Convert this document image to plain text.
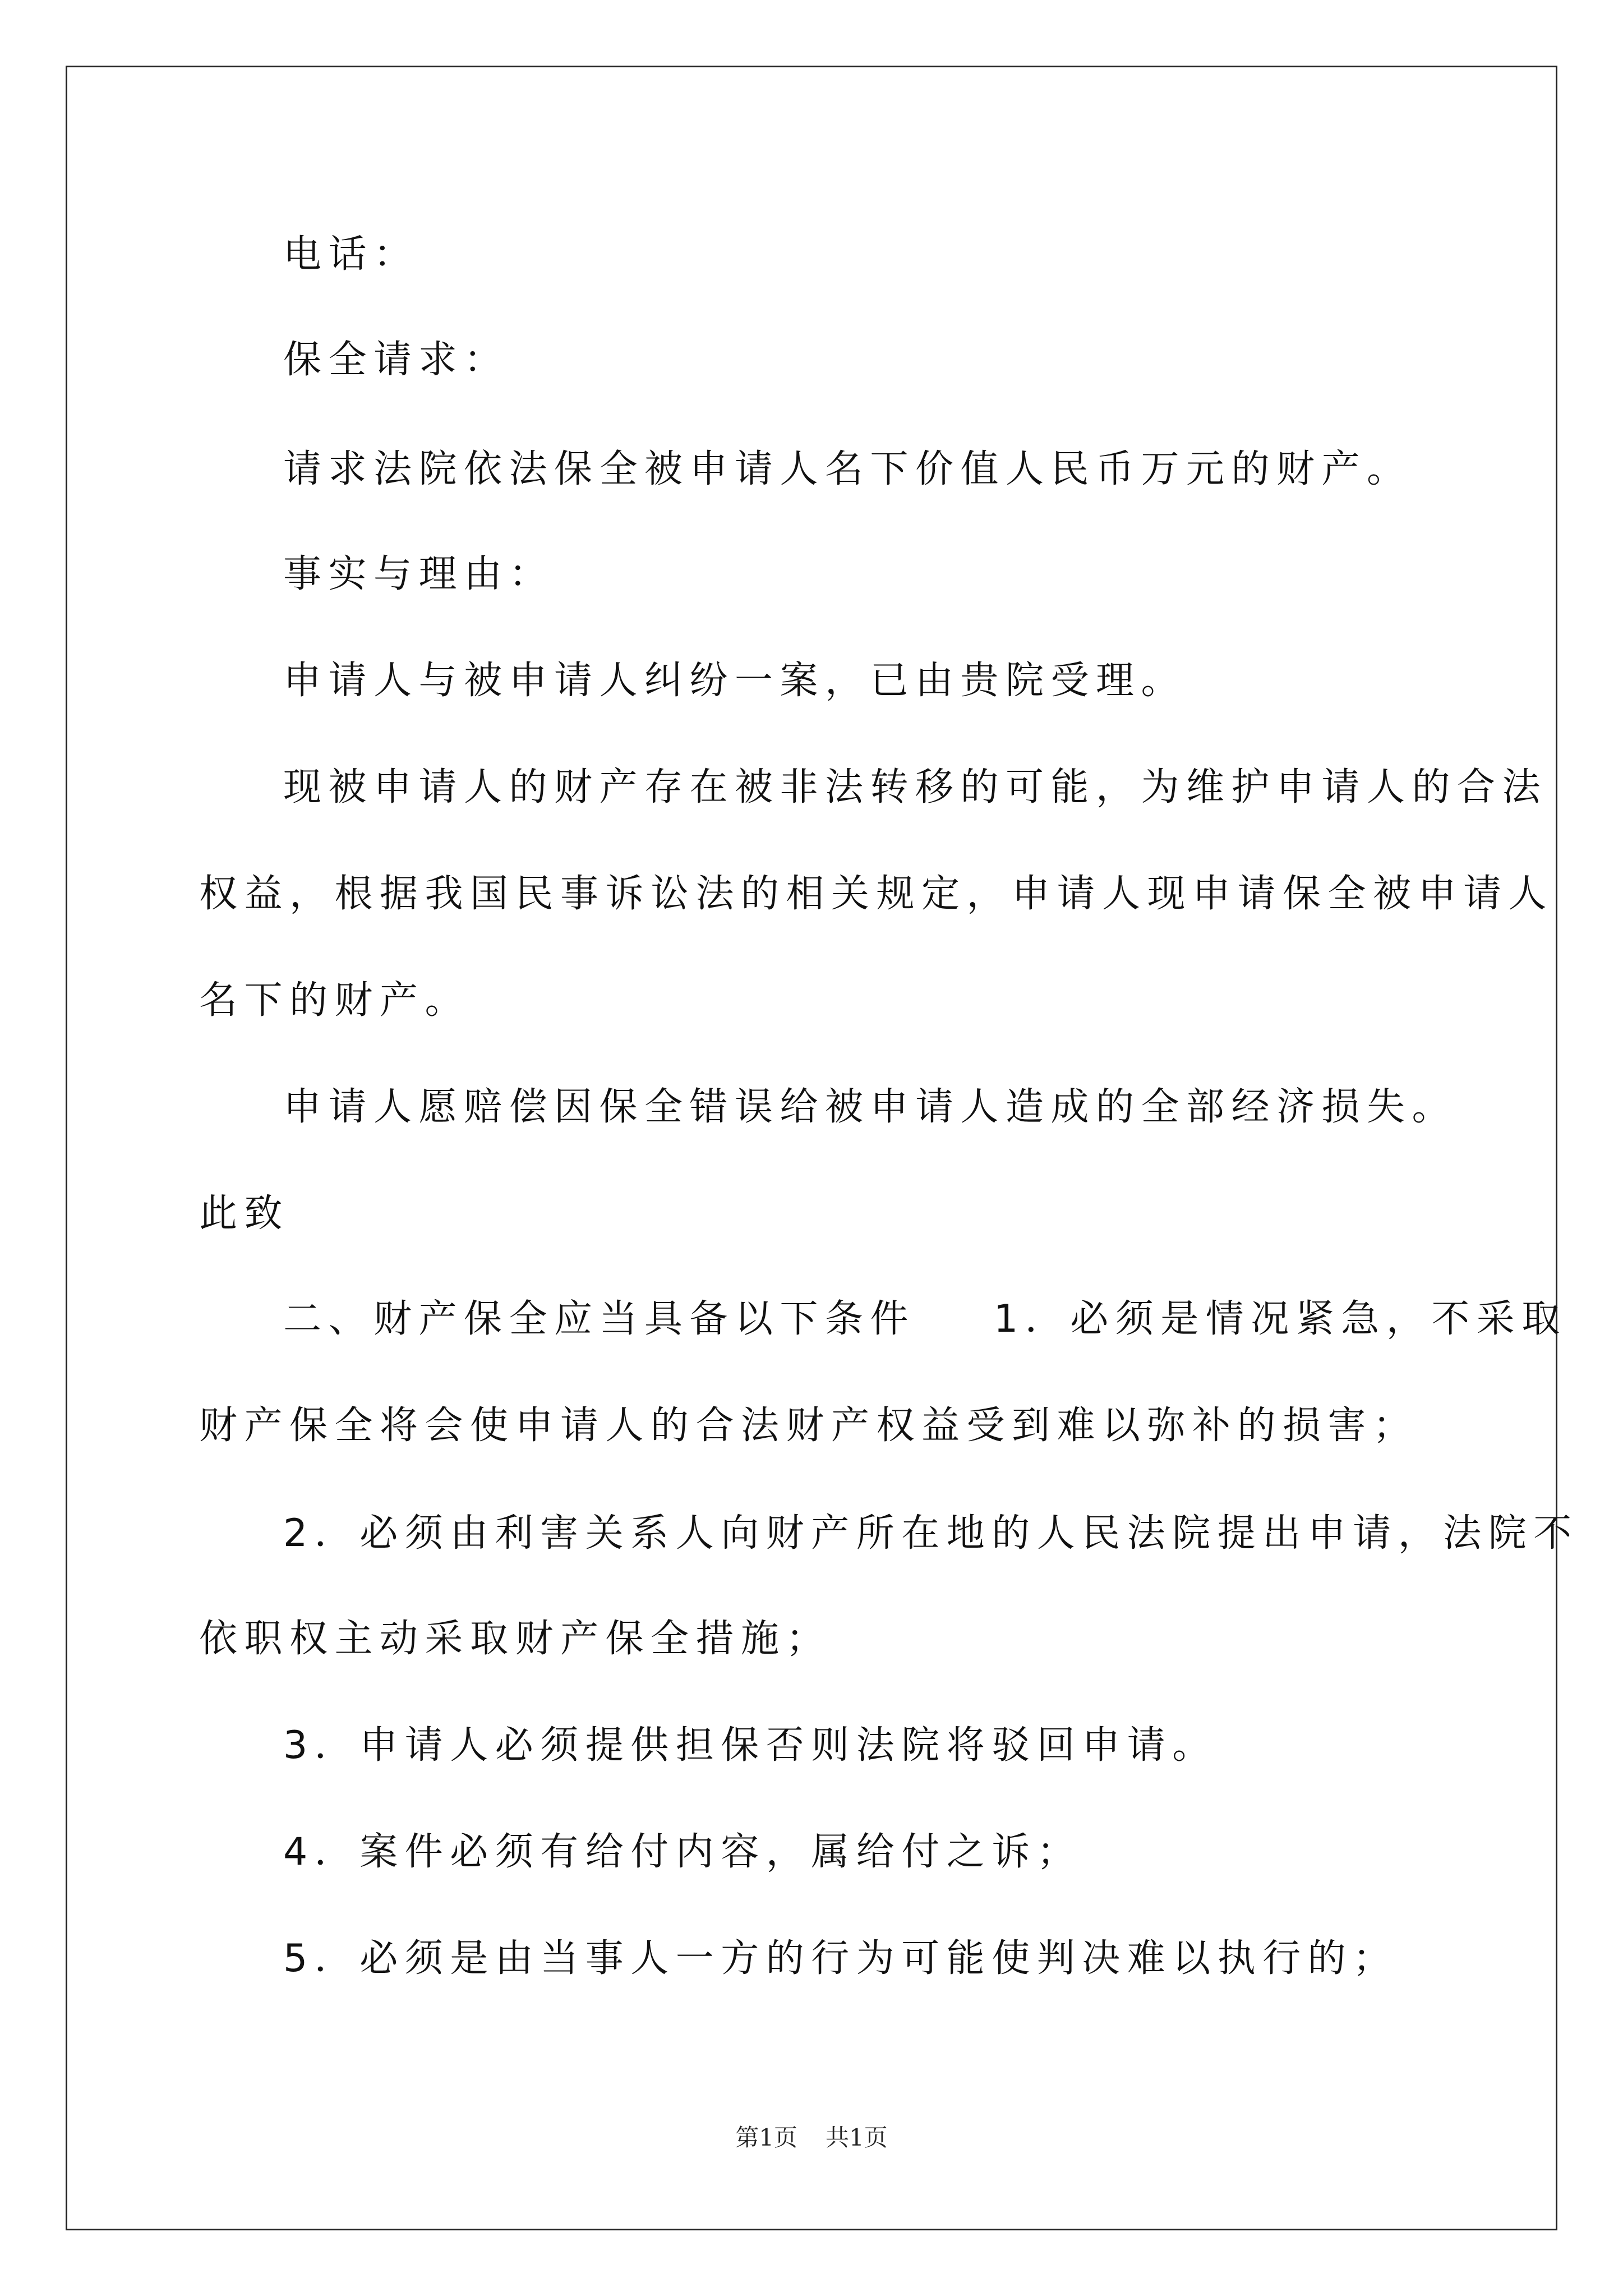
电话：
保全请求：
请求法院依法保全被申请人名下价值人民币万元的财产。
事实与理由：
申请人与被申请人纠纷一案，已由贵院受理。
现被申请人的财产存在被非法转移的可能，为维护申请人的合法
权益，根据我国民事诉讼法的相关规定，申请人现申请保全被申请人
名下的财产。
申请人愿赔偿因保全错误给被申请人造成的全部经济损失。
此致
二、财产保全应当具备以下条件 1．必须是情况紧急，不采取
财产保全将会使申请人的合法财产权益受到难以弥补的损害；
2．必须由利害关系人向财产所在地的人民法院提出申请，法院不
依职权主动采取财产保全措施；
3．申请人必须提供担保否则法院将驳回申请。
4．案件必须有给付内容，属给付之诉；
5．必须是由当事人一方的行为可能使判决难以执行的；
第1页 共1页
